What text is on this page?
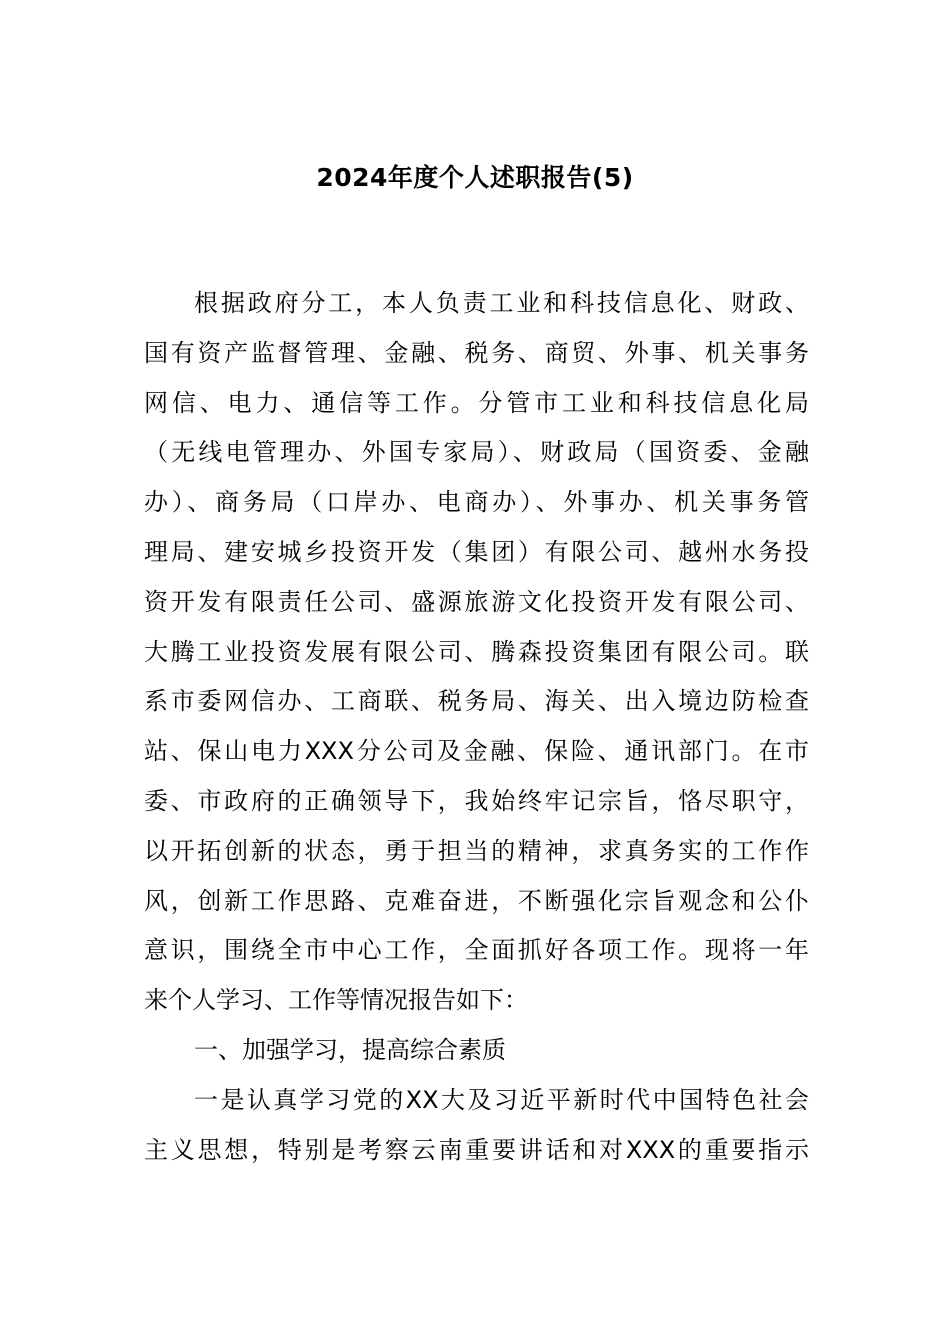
2024年度个人述职报告(5)
根据政府分工，本人负责工业和科技信息化、财政、
国有资产监督管理、金融、税务、商贸、外事、机关事务
网信、电力、通信等工作。分管市工业和科技信息化局
（无线电管理办、外国专家局）、财政局（国资委、金融
办）、商务局（口岸办、电商办）、外事办、机关事务管
理局、建安城乡投资开发（集团）有限公司、越州水务投
资开发有限责任公司、盛源旅游文化投资开发有限公司、
大腾工业投资发展有限公司、腾森投资集团有限公司。联
系市委网信办、工商联、税务局、海关、出入境边防检查
站、保山电力XXX分公司及金融、保险、通讯部门。在市
委、市政府的正确领导下，我始终牢记宗旨，恪尽职守，
以开拓创新的状态，勇于担当的精神，求真务实的工作作
风，创新工作思路、克难奋进，不断强化宗旨观念和公仆
意识，围绕全市中心工作，全面抓好各项工作。现将一年
来个人学习、工作等情况报告如下：
一、加强学习，提高综合素质
一是认真学习党的XX大及习近平新时代中国特色社会
主义思想，特别是考察云南重要讲话和对XXX的重要指示
